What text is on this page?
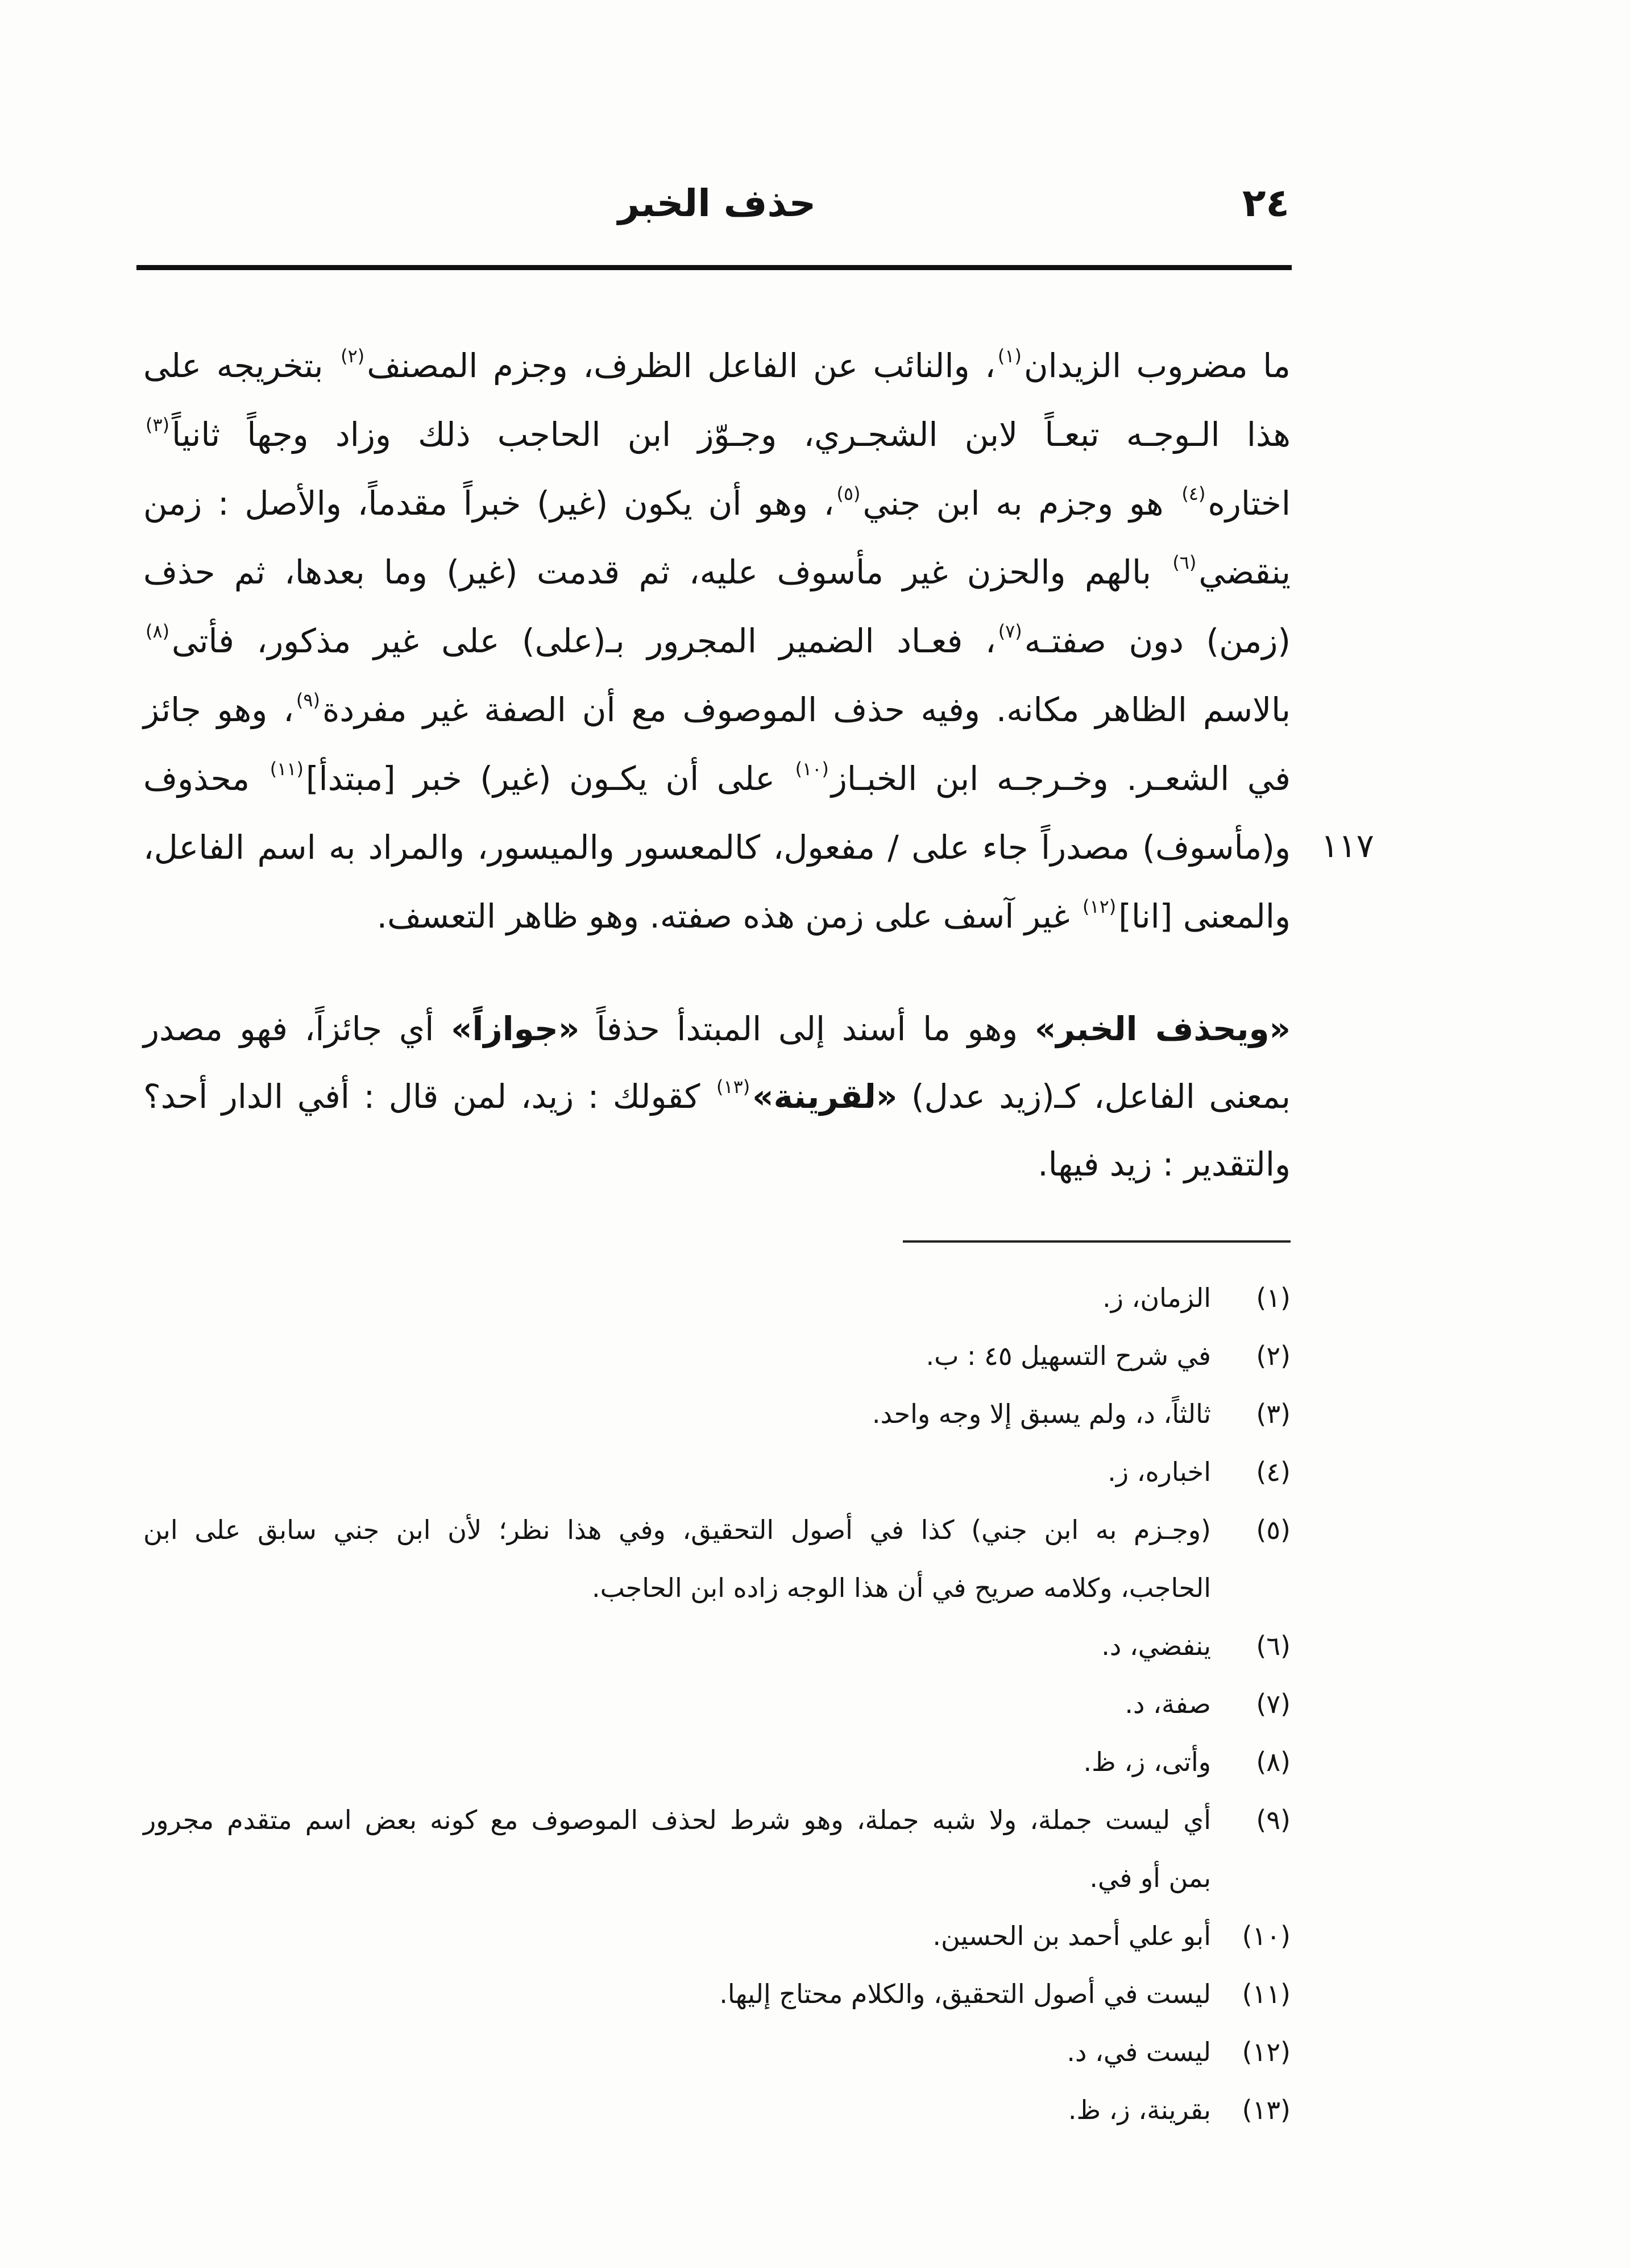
٢٤
حذف الخبر
ما مضروب الزيدان$^{(١)}$، والنائب عن الفاعل الظرف، وجزم المصنف$^{(٢)}$ بتخريجه على
هذا الـوجـه تبعـاً لابن الشجـري، وجـوّز ابن الحاجب ذلك وزاد وجهاً ثانياً$^{(٣)}$
اختاره$^{(٤)}$ هو وجزم به ابن جني$^{(٥)}$، وهو أن يكون (غير) خبراً مقدماً، والأصل : زمن
ينقضي$^{(٦)}$ بالهم والحزن غير مأسوف عليه، ثم قدمت (غير) وما بعدها، ثم حذف
(زمن) دون صفتـه$^{(٧)}$، فعـاد الضمير المجرور بـ(على) على غير مذكور، فأتى$^{(٨)}$
بالاسم الظاهر مكانه. وفيه حذف الموصوف مع أن الصفة غير مفردة$^{(٩)}$، وهو جائز
في الشعـر. وخـرجـه ابن الخبـاز$^{(١٠)}$ على أن يكـون (غير) خبر [مبتدأ]$^{(١١)}$ محذوف
و(مأسوف) مصدراً جاء على / مفعول، كالمعسور والميسور، والمراد به اسم الفاعل،
والمعنى [انا]$^{(١٢)}$ غير آسف على زمن هذه صفته. وهو ظاهر التعسف.
١١٧
«ويحذف الخبر» وهو ما أسند إلى المبتدأ حذفاً «جوازاً» أي جائزاً، فهو مصدر
بمعنى الفاعل، كـ(زيد عدل) «لقرينة»$^{(١٣)}$ كقولك : زيد، لمن قال : أفي الدار أحد؟
والتقدير : زيد فيها.
(١)
الزمان، ز.
(٢)
في شرح التسهيل ٤٥ : ب.
(٣)
ثالثاً، د، ولم يسبق إلا وجه واحد.
(٤)
اخباره، ز.
(٥)
(وجـزم به ابن جني) كذا في أصول التحقيق، وفي هذا نظر؛ لأن ابن جني سابق على ابن
الحاجب، وكلامه صريح في أن هذا الوجه زاده ابن الحاجب.
(٦)
ينفضي، د.
(٧)
صفة، د.
(٨)
وأتى، ز، ظ.
(٩)
أي ليست جملة، ولا شبه جملة، وهو شرط لحذف الموصوف مع كونه بعض اسم متقدم مجرور
بمن أو في.
(١٠)
أبو علي أحمد بن الحسين.
(١١)
ليست في أصول التحقيق، والكلام محتاج إليها.
(١٢)
ليست في، د.
(١٣)
بقرينة، ز، ظ.
